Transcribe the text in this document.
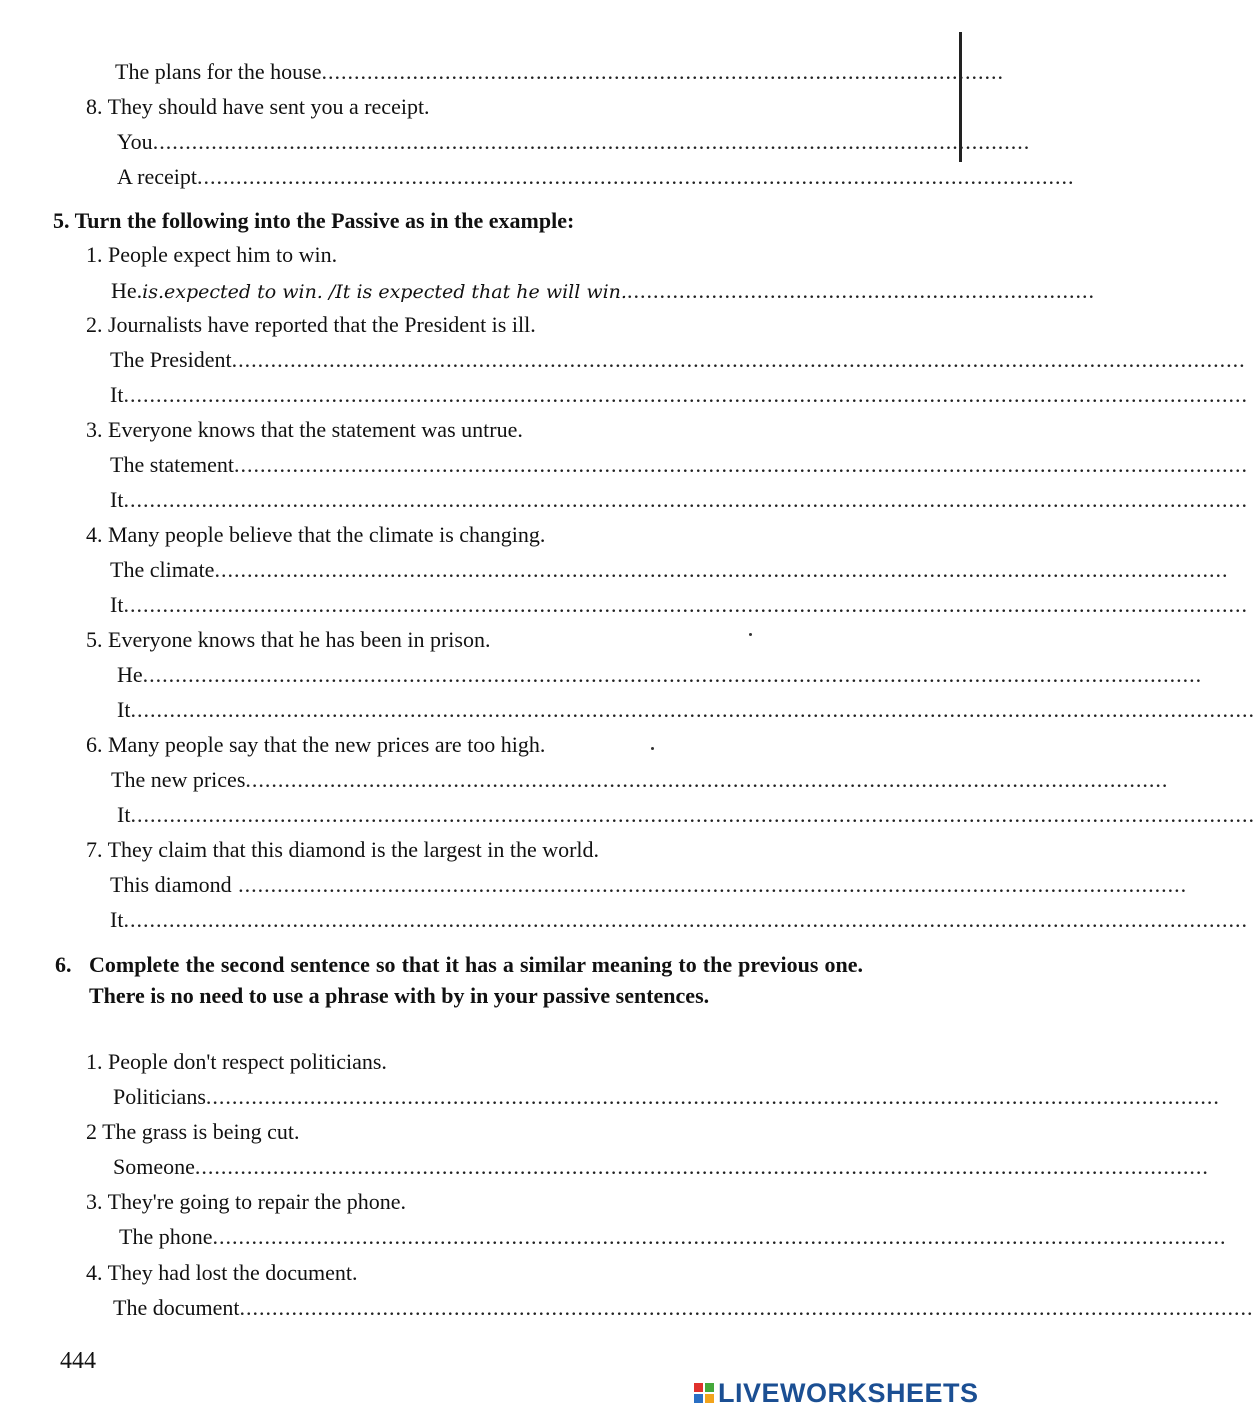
The plans for the house .........................................................................................................
8. They should have sent you a receipt.
You .......................................................................................................................................
A receipt .......................................................................................................................................
5. Turn the following into the Passive as in the example:
1. People expect him to win.
He. is.expected to win. /It is expected that he will win. ........................................................................
2. Journalists have reported that the President is ill.
The President ............................................................................................................................................................
It .............................................................................................................................................................................
3. Everyone knows that the statement was untrue.
The statement ............................................................................................................................................................
It .............................................................................................................................................................................
4. Many people believe that the climate is changing.
The climate ............................................................................................................................................................
It .............................................................................................................................................................................
5. Everyone knows that he has been in prison.
He ...................................................................................................................................................................
It .............................................................................................................................................................................
6. Many people say that the new prices are too high.
The new prices ..............................................................................................................................................
It .............................................................................................................................................................................
7. They claim that this diamond is the largest in the world.
This diamond ..................................................................................................................................................
It .............................................................................................................................................................................
6. Complete the second sentence so that it has a similar meaning to the previous one. There is no need to use a phrase with by in your passive sentences.
1. People don't respect politicians.
Politicians ............................................................................................................................................................
2 The grass is being cut.
Someone ............................................................................................................................................................
3. They're going to repair the phone.
The phone ............................................................................................................................................................
4. They had lost the document.
The document ............................................................................................................................................................
444
LIVEWORKSHEETS
